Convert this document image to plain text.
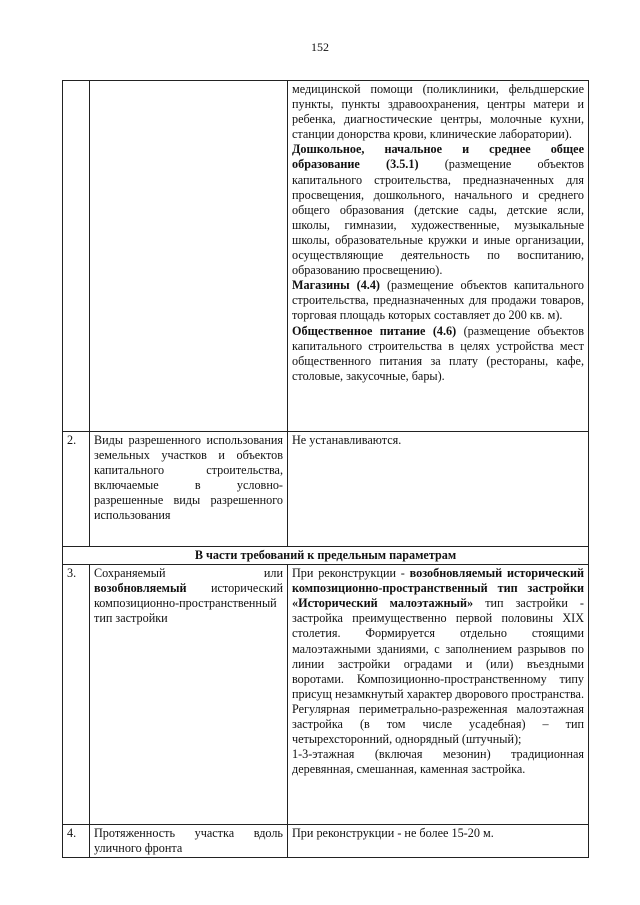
152

		медицинской помощи (поликлиники, фельдшерские пункты, пункты здравоохранения, центры матери и ребенка, диагностические центры, молочные кухни, станции донорства крови, клинические лаборатории).

Дошкольное, начальное и среднее общее образование (3.5.1) (размещение объектов капитального строительства, предназначенных для просвещения, дошкольного, начального и среднего общего образования (детские сады, детские ясли, школы, гимназии, художественные, музыкальные школы, образовательные кружки и иные организации, осуществляющие деятельность по воспитанию, образованию просвещению).

Магазины (4.4) (размещение объектов капитального строительства, предназначенных для продажи товаров, торговая площадь которых составляет до 200 кв. м).

Общественное питание (4.6) (размещение объектов капитального строительства в целях устройства мест общественного питания за плату (рестораны, кафе, столовые, закусочные, бары).

2.	Виды разрешенного использования земельных участков и объектов капитального строительства, включаемые в условно-разрешенные виды разрешенного использования	Не устанавливаются.
В части требований к предельным параметрам		
3.	Сохраняемый или возобновляемый исторический композиционно-пространственный тип застройки	При реконструкции - возобновляемый исторический композиционно-пространственный тип застройки «Исторический малоэтажный» тип застройки - застройка преимущественно первой половины XIX столетия. Формируется отдельно стоящими малоэтажными зданиями, с заполнением разрывов по линии застройки оградами и (или) въездными воротами. Композиционно-пространственному типу присущ незамкнутый характер дворового пространства. Регулярная периметрально-разреженная малоэтажная застройка (в том числе усадебная) – тип четырехсторонний, однорядный (штучный);

1-3-этажная (включая мезонин) традиционная деревянная, смешанная, каменная застройка.

4.	Протяженность участка вдоль уличного фронта	При реконструкции - не более 15-20 м.
